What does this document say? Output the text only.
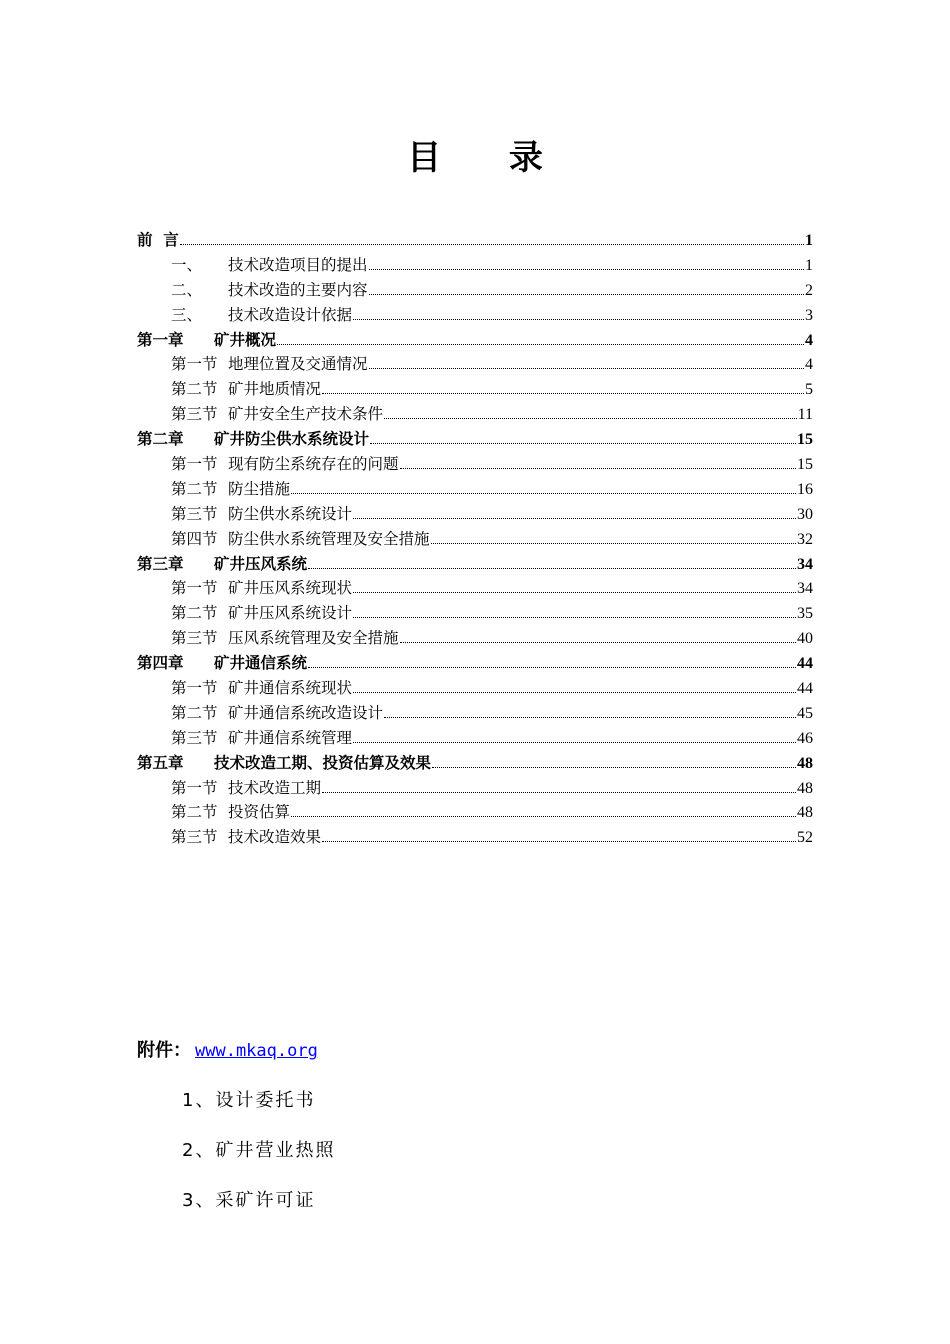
目 录
前  言	1
一、 技术改造项目的提出	1
二、 技术改造的主要内容	2
三、 技术改造设计依据	3
第一章 矿井概况	4
第一节 地理位置及交通情况	4
第二节 矿井地质情况	5
第三节 矿井安全生产技术条件	11
第二章 矿井防尘供水系统设计	15
第一节 现有防尘系统存在的问题	15
第二节 防尘措施	16
第三节 防尘供水系统设计	30
第四节 防尘供水系统管理及安全措施	32
第三章 矿井压风系统	34
第一节 矿井压风系统现状	34
第二节 矿井压风系统设计	35
第三节 压风系统管理及安全措施	40
第四章 矿井通信系统	44
第一节 矿井通信系统现状	44
第二节 矿井通信系统改造设计	45
第三节 矿井通信系统管理	46
第五章 技术改造工期、投资估算及效果	48
第一节 技术改造工期	48
第二节 投资估算	48
第三节 技术改造效果	52
附件： www.mkaq.org
1、设计委托书
2、矿井营业热照
3、采矿许可证
